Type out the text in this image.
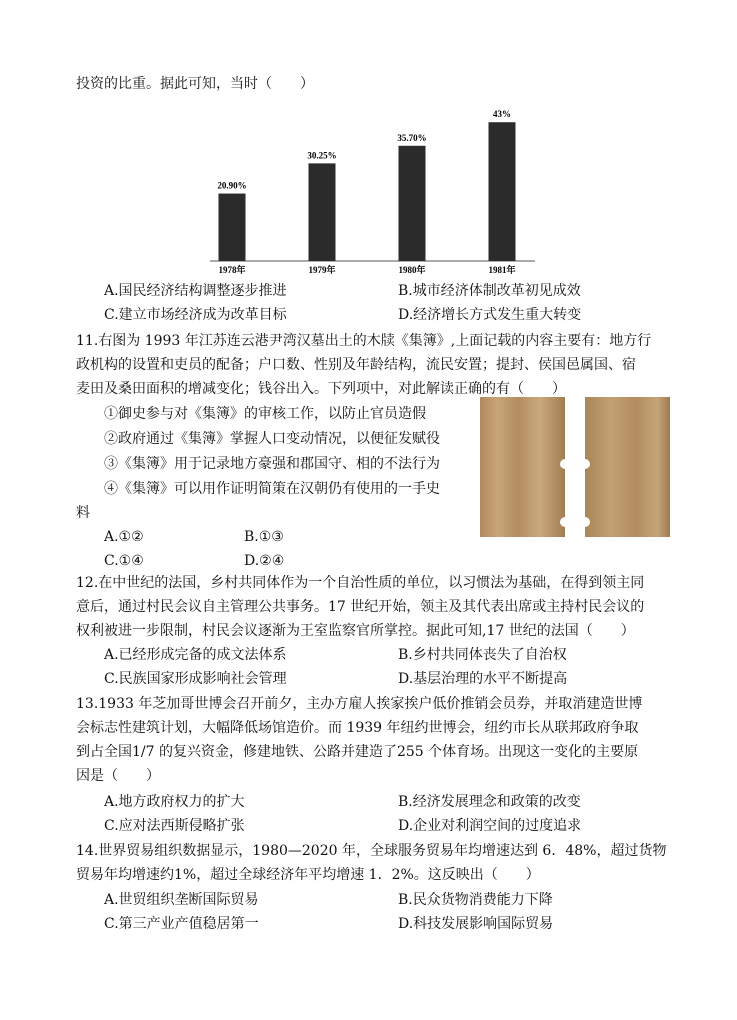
投资的比重。据此可知，当时（　　）
20.90%
1978年
30.25%
1979年
35.70%
1980年
43%
1981年
A.国民经济结构调整逐步推进	B.城市经济体制改革初见成效
C.建立市场经济成为改革目标	D.经济增长方式发生重大转变
11.右图为 1993 年江苏连云港尹湾汉墓出土的木牍《集簿》,上面记载的内容主要有：地方行
政机构的设置和吏员的配备；户口数、性别及年龄结构，流民安置；提封、侯国邑属国、宿
麦田及桑田面积的增减变化；钱谷出入。下列项中，对此解读正确的有（　　）
①御史参与对《集簿》的审核工作，以防止官员造假
②政府通过《集簿》掌握人口变动情况，以便征发赋役
③《集簿》用于记录地方豪强和郡国守、相的不法行为
④《集簿》可以用作证明简策在汉朝仍有使用的一手史
料
A.①②	B.①③
C.①④	D.②④
12.在中世纪的法国，乡村共同体作为一个自治性质的单位，以习惯法为基础，在得到领主同
意后，通过村民会议自主管理公共事务。17 世纪开始，领主及其代表出席或主持村民会议的
权利被进一步限制，村民会议逐渐为王室监察官所掌控。据此可知,17 世纪的法国（　　）
A.已经形成完备的成文法体系	B.乡村共同体丧失了自治权
C.民族国家形成影响社会管理	D.基层治理的水平不断提高
13.1933 年芝加哥世博会召开前夕，主办方雇人挨家挨户低价推销会员券，并取消建造世博
会标志性建筑计划，大幅降低场馆造价。而 1939 年纽约世博会，纽约市长从联邦政府争取
到占全国1/7 的复兴资金，修建地铁、公路并建造了255 个体育场。出现这一变化的主要原
因是（　　）
A.地方政府权力的扩大	B.经济发展理念和政策的改变
C.应对法西斯侵略扩张	D.企业对利润空间的过度追求
14.世界贸易组织数据显示，1980—2020 年，全球服务贸易年均增速达到 6．48%，超过货物
贸易年均增速约1%，超过全球经济年平均增速 1．2%。这反映出（　　）
A.世贸组织垄断国际贸易	B.民众货物消费能力下降
C.第三产业产值稳居第一	D.科技发展影响国际贸易
